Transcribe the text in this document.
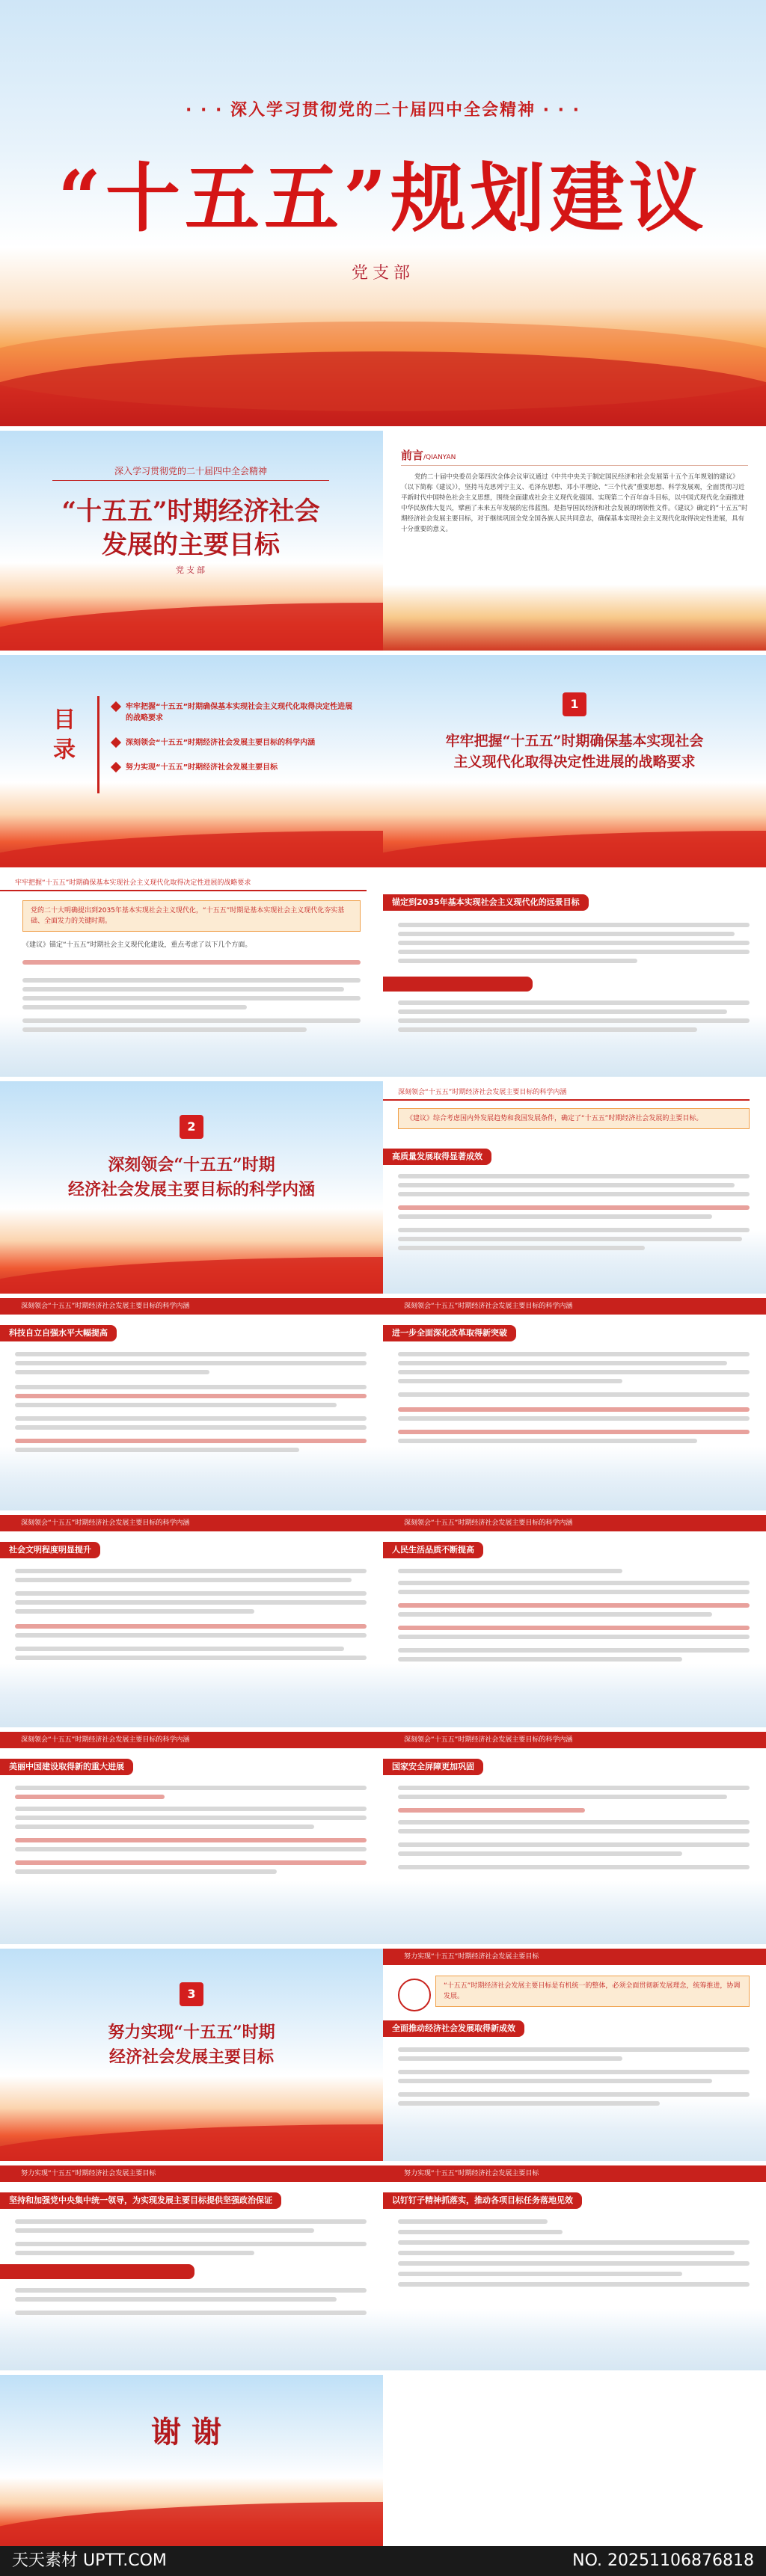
· · · 深入学习贯彻党的二十届四中全会精神 · · ·
“十五五”规划建议
党支部
深入学习贯彻党的二十届四中全会精神
“十五五”时期经济社会
发展的主要目标
党支部
前言/QIANYAN
党的二十届中央委员会第四次全体会议审议通过《中共中央关于制定国民经济和社会发展第十五个五年规划的建议》（以下简称《建议》），坚持马克思列宁主义、毛泽东思想、邓小平理论、“三个代表”重要思想、科学发展观，全面贯彻习近平新时代中国特色社会主义思想，围绕全面建成社会主义现代化强国、实现第二个百年奋斗目标，以中国式现代化全面推进中华民族伟大复兴，擘画了未来五年发展的宏伟蓝图。是指导国民经济和社会发展的纲领性文件。《建议》确定的“十五五”时期经济社会发展主要目标，对于继续巩固全党全国各族人民共同意志，确保基本实现社会主义现代化取得决定性进展，具有十分重要的意义。
目录
牢牢把握“十五五”时期确保基本实现社会主义现代化取得决定性进展的战略要求
深刻领会“十五五”时期经济社会发展主要目标的科学内涵
努力实现“十五五”时期经济社会发展主要目标
1
牢牢把握“十五五”时期确保基本实现社会
主义现代化取得决定性进展的战略要求
牢牢把握“十五五”时期确保基本实现社会主义现代化取得决定性进展的战略要求
党的二十大明确提出到2035年基本实现社会主义现代化，“十五五”时期是基本实现社会主义现代化夯实基础、全面发力的关键时期。
《建议》锚定“十五五”时期社会主义现代化建设，重点考虑了以下几个方面。
锚定到2035年基本实现社会主义现代化的远景目标
2
深刻领会“十五五”时期
经济社会发展主要目标的科学内涵
深刻领会“十五五”时期经济社会发展主要目标的科学内涵
《建议》综合考虑国内外发展趋势和我国发展条件，确定了“十五五”时期经济社会发展的主要目标。
高质量发展取得显著成效
深刻领会“十五五”时期经济社会发展主要目标的科学内涵
科技自立自强水平大幅提高
深刻领会“十五五”时期经济社会发展主要目标的科学内涵
进一步全面深化改革取得新突破
深刻领会“十五五”时期经济社会发展主要目标的科学内涵
社会文明程度明显提升
深刻领会“十五五”时期经济社会发展主要目标的科学内涵
人民生活品质不断提高
深刻领会“十五五”时期经济社会发展主要目标的科学内涵
美丽中国建设取得新的重大进展
深刻领会“十五五”时期经济社会发展主要目标的科学内涵
国家安全屏障更加巩固
3
努力实现“十五五”时期
经济社会发展主要目标
努力实现“十五五”时期经济社会发展主要目标
“十五五”时期经济社会发展主要目标是有机统一的整体，必须全面贯彻新发展理念，统筹推进，协调发展。
全面推动经济社会发展取得新成效
努力实现“十五五”时期经济社会发展主要目标
坚持和加强党中央集中统一领导，为实现发展主要目标提供坚强政治保证
努力实现“十五五”时期经济社会发展主要目标
以钉钉子精神抓落实，推动各项目标任务落地见效
谢谢
天天素材 UPTT.COM	NO. 20251106876818
